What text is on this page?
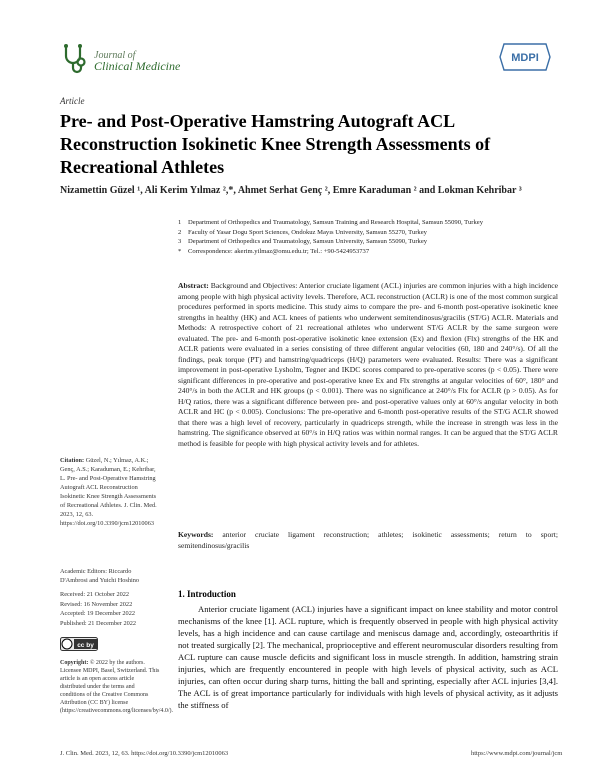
Journal of
Clinical Medicine
MDPI
Article
Pre- and Post-Operative Hamstring Autograft ACL Reconstruction Isokinetic Knee Strength Assessments of Recreational Athletes
Nizamettin Güzel ¹, Ali Kerim Yılmaz ²,*, Ahmet Serhat Genç ², Emre Karaduman ² and Lokman Kehribar ³
1	Department of Orthopedics and Traumatology, Samsun Training and Research Hospital, Samsun 55090, Turkey
2	Faculty of Yasar Dogu Sport Sciences, Ondokuz Mayıs University, Samsun 55270, Turkey
3	Department of Orthopedics and Traumatology, Samsun University, Samsun 55090, Turkey
*	Correspondence: akerim.yilmaz@omu.edu.tr; Tel.: +90-5424953737
Abstract: Background and Objectives: Anterior cruciate ligament (ACL) injuries are common injuries with a high incidence among people with high physical activity levels. Therefore, ACL reconstruction (ACLR) is one of the most common surgical procedures performed in sports medicine. This study aims to compare the pre- and 6-month post-operative isokinetic knee strengths in healthy (HK) and ACL knees of patients who underwent semitendinosus/gracilis (ST/G) ACLR. Materials and Methods: A retrospective cohort of 21 recreational athletes who underwent ST/G ACLR by the same surgeon were evaluated. The pre- and 6-month post-operative isokinetic knee extension (Ex) and flexion (Flx) strengths of the HK and ACLR patients were evaluated in a series consisting of three different angular velocities (60, 180 and 240°/s). Of all the findings, peak torque (PT) and hamstring/quadriceps (H/Q) parameters were evaluated. Results: There was a significant improvement in post-operative Lysholm, Tegner and IKDC scores compared to pre-operative scores (p < 0.05). There were significant differences in pre-operative and post-operative knee Ex and Flx strengths at angular velocities of 60°, 180° and 240°/s in both the ACLR and HK groups (p < 0.001). There was no significance at 240°/s Flx for ACLR (p > 0.05). As for H/Q ratios, there was a significant difference between pre- and post-operative values only at 60°/s angular velocity in both ACLR and HC (p < 0.005). Conclusions: The pre-operative and 6-month post-operative results of the ST/G ACLR showed that there was a high level of recovery, particularly in quadriceps strength, while the increase in strength was less in the hamstring. The significance observed at 60°/s in H/Q ratios was within normal ranges. It can be argued that the ST/G ACLR method is feasible for people with high physical activity levels and for athletes.
Keywords: anterior cruciate ligament reconstruction; athletes; isokinetic assessments; return to sport; semitendinosus/gracilis
Citation: Güzel, N.; Yılmaz, A.K.; Genç, A.S.; Karaduman, E.; Kehribar, L. Pre- and Post-Operative Hamstring Autograft ACL Reconstruction Isokinetic Knee Strength Assessments of Recreational Athletes. J. Clin. Med. 2023, 12, 63. https://doi.org/10.3390/jcm12010063
Academic Editors: Riccardo D'Ambrosi and Yuichi Hoshino
Received: 21 October 2022
Revised: 16 November 2022
Accepted: 19 December 2022
Published: 21 December 2022
cc by
Copyright: © 2022 by the authors. Licensee MDPI, Basel, Switzerland. This article is an open access article distributed under the terms and conditions of the Creative Commons Attribution (CC BY) license (https://creativecommons.org/licenses/by/4.0/).
1. Introduction
Anterior cruciate ligament (ACL) injuries have a significant impact on knee stability and motor control mechanisms of the knee [1]. ACL rupture, which is frequently observed in people with high physical activity levels, has a high incidence and can cause cartilage and meniscus damage and, accordingly, osteoarthritis if not treated surgically [2]. The mechanical, proprioceptive and efferent neuromuscular disorders resulting from ACL rupture can cause muscle deficits and significant loss in muscle strength. In addition, hamstring strain injuries, which are frequently encountered in people with high levels of physical activity, such as ACL injuries, can often occur during sharp turns, hitting the ball and sprinting, especially after ACL injuries [3,4]. The ACL is of great importance particularly for individuals with high levels of physical activity, as it adjusts the stiffness of
J. Clin. Med. 2023, 12, 63. https://doi.org/10.3390/jcm12010063	https://www.mdpi.com/journal/jcm
